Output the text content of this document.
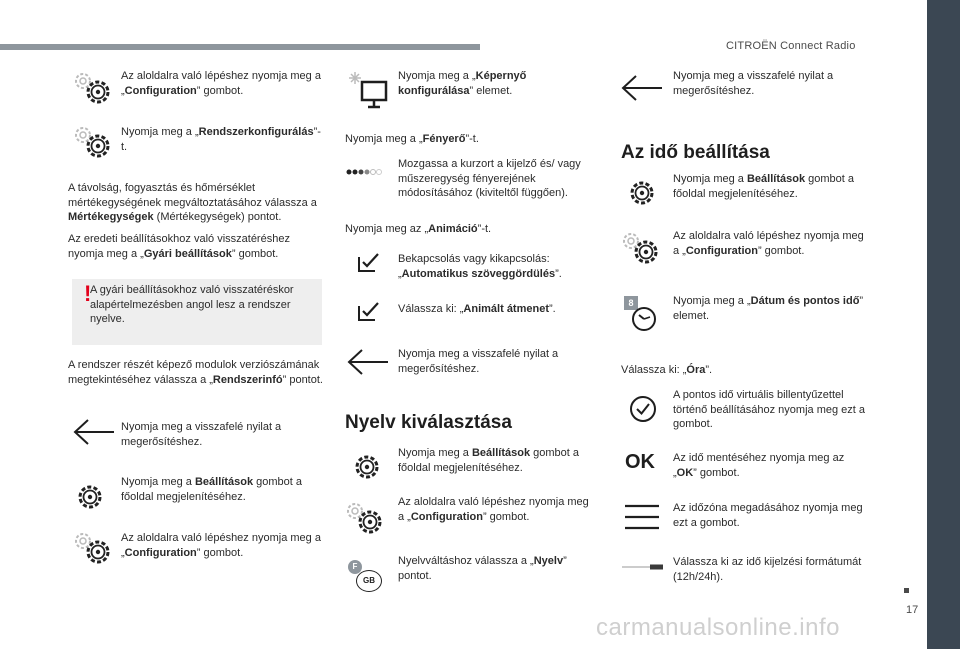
CITROËN Connect Radio
17
carmanualsonline.info
Az aloldalra való lépéshez nyomja meg a „Configuration” gombot.
Nyomja meg a „Rendszerkonfigurálás”-t.
A távolság, fogyasztás és hőmérséklet mértékegységének megváltoztatásához válassza a Mértékegységek (Mértékegységek) pontot.
Az eredeti beállításokhoz való visszatéréshez nyomja meg a „Gyári beállítások” gombot.
!
A gyári beállításokhoz való visszatéréskor alapértelmezésben angol lesz a rendszer nyelve.
A rendszer részét képező modulok verziószámának megtekintéséhez válassza a „Rendszerinfó” pontot.
Nyomja meg a visszafelé nyilat a megerősítéshez.
Nyomja meg a Beállítások gombot a főoldal megjelenítéséhez.
Az aloldalra való lépéshez nyomja meg a „Configuration” gombot.
Nyomja meg a „Képernyő konfigurálása” elemet.
Nyomja meg a „Fényerő”-t.
Mozgassa a kurzort a kijelző és/ vagy műszeregység fényerejének módosításához (kiviteltől függően).
Nyomja meg az „Animáció”-t.
Bekapcsolás vagy kikapcsolás: „Automatikus szöveggördülés”.
Válassza ki: „Animált átmenet”.
Nyomja meg a visszafelé nyilat a megerősítéshez.
Nyelv kiválasztása
Nyomja meg a Beállítások gombot a főoldal megjelenítéséhez.
Az aloldalra való lépéshez nyomja meg a „Configuration” gombot.
F
GB
Nyelvváltáshoz válassza a „Nyelv” pontot.
Nyomja meg a visszafelé nyilat a megerősítéshez.
Az idő beállítása
Nyomja meg a Beállítások gombot a főoldal megjelenítéséhez.
Az aloldalra való lépéshez nyomja meg a „Configuration” gombot.
8	Nyomja meg a „Dátum és pontos idő” elemet.
Válassza ki: „Óra”.
A pontos idő virtuális billentyűzettel történő beállításához nyomja meg ezt a gombot.
OK Az idő mentéséhez nyomja meg az „OK” gombot.
Az időzóna megadásához nyomja meg ezt a gombot.
Válassza ki az idő kijelzési formátumát (12h/24h).
